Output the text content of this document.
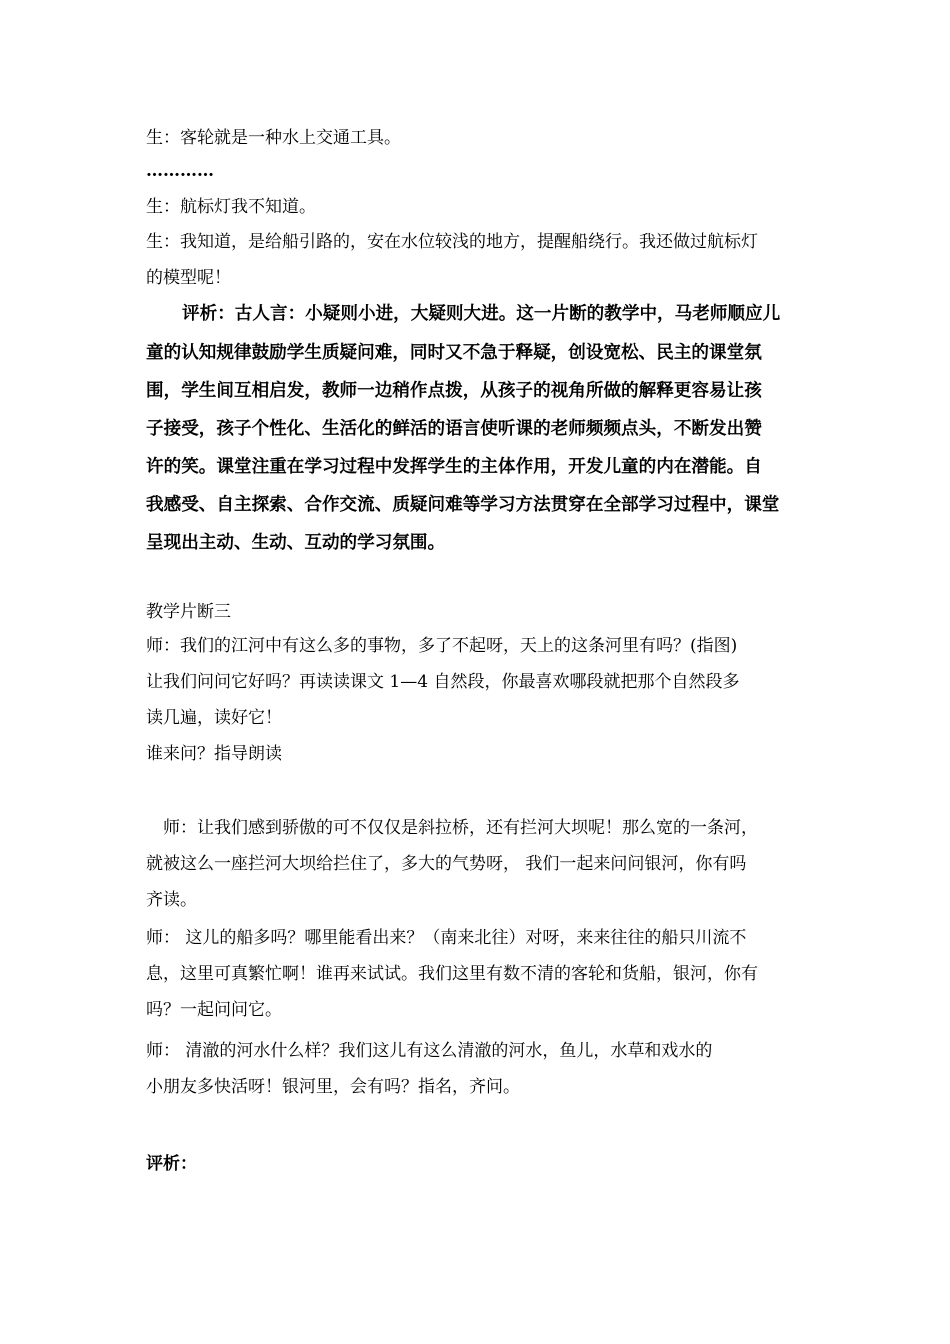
生：客轮就是一种水上交通工具。
…………
生：航标灯我不知道。
生：我知道，是给船引路的，安在水位较浅的地方，提醒船绕行。我还做过航标灯
的模型呢！
评析：古人言：小疑则小进，大疑则大进。这一片断的教学中，马老师顺应儿
童的认知规律鼓励学生质疑问难，同时又不急于释疑，创设宽松、民主的课堂氛
围，学生间互相启发，教师一边稍作点拨，从孩子的视角所做的解释更容易让孩
子接受，孩子个性化、生活化的鲜活的语言使听课的老师频频点头，不断发出赞
许的笑。课堂注重在学习过程中发挥学生的主体作用，开发儿童的内在潜能。自
我感受、自主探索、合作交流、质疑问难等学习方法贯穿在全部学习过程中，课堂
呈现出主动、生动、互动的学习氛围。
教学片断三
师：我们的江河中有这么多的事物，多了不起呀，天上的这条河里有吗？(指图)
让我们问问它好吗？再读读课文 1—4 自然段，你最喜欢哪段就把那个自然段多
读几遍，读好它！
谁来问？指导朗读
师：让我们感到骄傲的可不仅仅是斜拉桥，还有拦河大坝呢！那么宽的一条河，
就被这么一座拦河大坝给拦住了，多大的气势呀， 我们一起来问问银河，你有吗
齐读。
师： 这儿的船多吗？哪里能看出来？（南来北往）对呀，来来往往的船只川流不
息，这里可真繁忙啊！谁再来试试。我们这里有数不清的客轮和货船，银河，你有
吗？一起问问它。
师： 清澈的河水什么样？我们这儿有这么清澈的河水，鱼儿，水草和戏水的
小朋友多快活呀！银河里，会有吗？指名，齐问。
评析：
